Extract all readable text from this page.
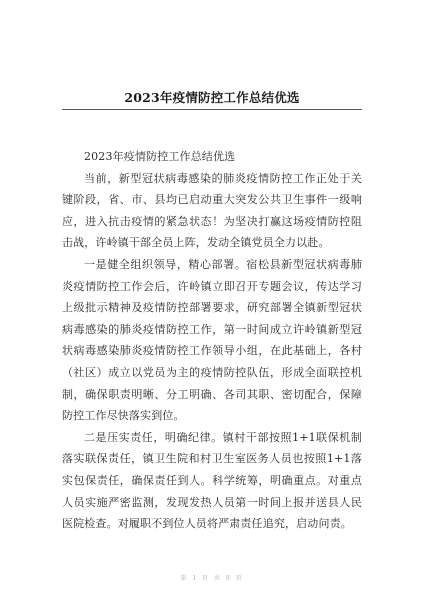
2023年疫情防控工作总结优选

2023年疫情防控工作总结优选

当前，新型冠状病毒感染的肺炎疫情防控工作正处于关键阶段，省、市、县均已启动重大突发公共卫生事件一级响应，进入抗击疫情的紧急状态！为坚决打赢这场疫情防控阻击战，许岭镇干部全员上阵，发动全镇党员全力以赴。

一是健全组织领导，精心部署。宿松县新型冠状病毒肺炎疫情防控工作会后，许岭镇立即召开专题会议，传达学习上级批示精神及疫情防控部署要求，研究部署全镇新型冠状病毒感染的肺炎疫情防控工作，第一时间成立许岭镇新型冠状病毒感染肺炎疫情防控工作领导小组，在此基础上，各村（社区）成立以党员为主的疫情防控队伍，形成全面联控机制，确保职责明晰、分工明确、各司其职、密切配合，保障防控工作尽快落实到位。

二是压实责任，明确纪律。镇村干部按照1+1联保机制落实联保责任，镇卫生院和村卫生室医务人员也按照1+1落实包保责任，确保责任到人。科学统筹，明确重点。对重点人员实施严密监测，发现发热人员第一时间上报并送县人民医院检查。对履职不到位人员将严肃责任追究，启动问责。

第 1 页 共 9 页
